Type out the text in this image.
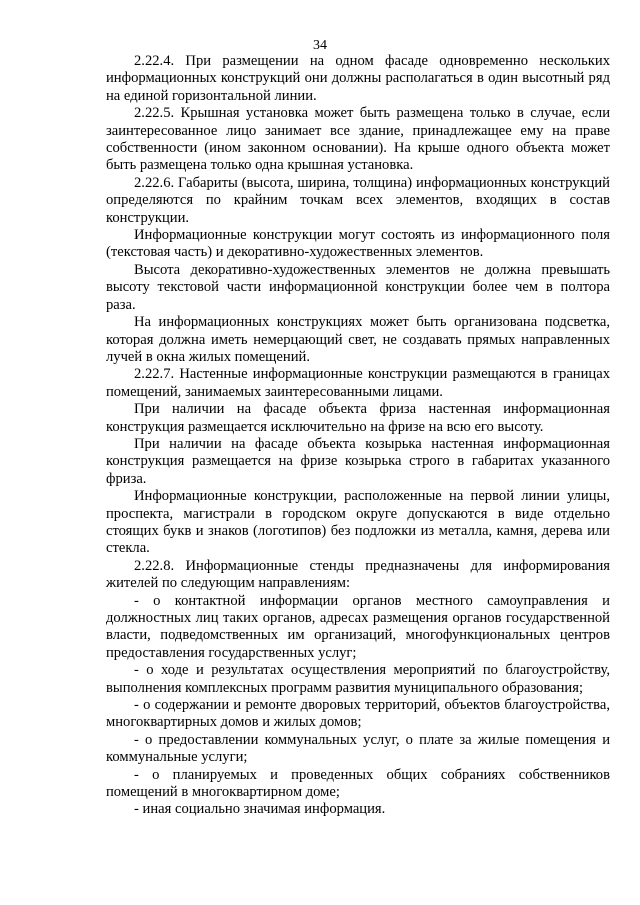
34

2.22.4. При размещении на одном фасаде одновременно нескольких информационных конструкций они должны располагаться в один высотный ряд на единой горизонтальной линии.

2.22.5. Крышная установка может быть размещена только в случае, если заинтересованное лицо занимает все здание, принадлежащее ему на праве собственности (ином законном основании). На крыше одного объекта может быть размещена только одна крышная установка.

2.22.6. Габариты (высота, ширина, толщина) информационных конструкций определяются по крайним точкам всех элементов, входящих в состав конструкции.

Информационные конструкции могут состоять из информационного поля (текстовая часть) и декоративно-художественных элементов.

Высота декоративно-художественных элементов не должна превышать высоту текстовой части информационной конструкции более чем в полтора раза.

На информационных конструкциях может быть организована подсветка, которая должна иметь немерцающий свет, не создавать прямых направленных лучей в окна жилых помещений.

2.22.7. Настенные информационные конструкции размещаются в границах помещений, занимаемых заинтересованными лицами.

При наличии на фасаде объекта фриза настенная информационная конструкция размещается исключительно на фризе на всю его высоту.

При наличии на фасаде объекта козырька настенная информационная конструкция размещается на фризе козырька строго в габаритах указанного фриза.

Информационные конструкции, расположенные на первой линии улицы, проспекта, магистрали в городском округе допускаются в виде отдельно стоящих букв и знаков (логотипов) без подложки из металла, камня, дерева или стекла.

2.22.8. Информационные стенды предназначены для информирования жителей по следующим направлениям:

- о контактной информации органов местного самоуправления и должностных лиц таких органов, адресах размещения органов государственной власти, подведомственных им организаций, многофункциональных центров предоставления государственных услуг;

- о ходе и результатах осуществления мероприятий по благоустройству, выполнения комплексных программ развития муниципального образования;

- о содержании и ремонте дворовых территорий, объектов благоустройства, многоквартирных домов и жилых домов;

- о предоставлении коммунальных услуг, о плате за жилые помещения и коммунальные услуги;

- о планируемых и проведенных общих собраниях собственников помещений в многоквартирном доме;

- иная социально значимая информация.
